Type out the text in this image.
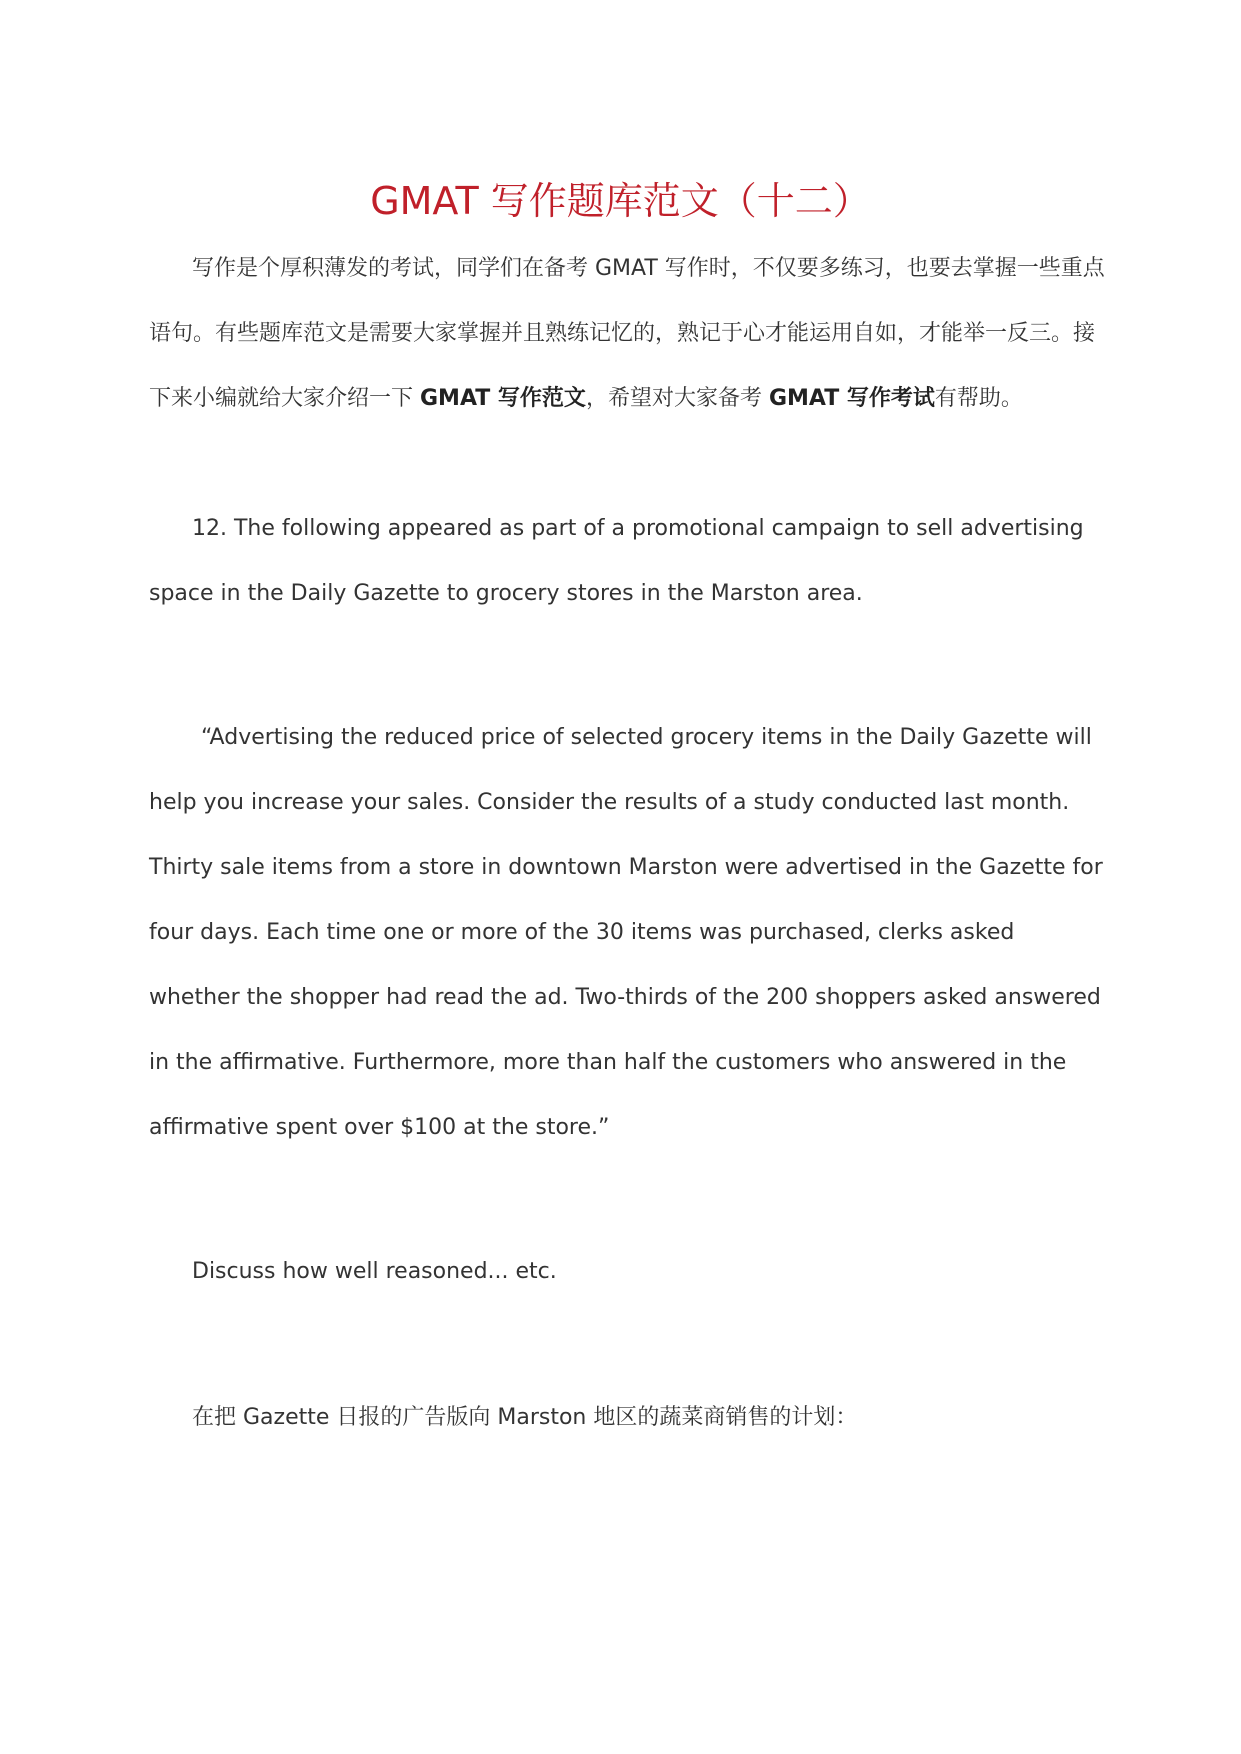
GMAT 写作题库范文（十二）

写作是个厚积薄发的考试，同学们在备考 GMAT 写作时，不仅要多练习，也要去掌握一些重点语句。有些题库范文是需要大家掌握并且熟练记忆的，熟记于心才能运用自如，才能举一反三。接下来小编就给大家介绍一下 GMAT 写作范文，希望对大家备考 GMAT 写作考试有帮助。

12. The following appeared as part of a promotional campaign to sell advertising space in the Daily Gazette to grocery stores in the Marston area.

“Advertising the reduced price of selected grocery items in the Daily Gazette will help you increase your sales. Consider the results of a study conducted last month. Thirty sale items from a store in downtown Marston were advertised in the Gazette for four days. Each time one or more of the 30 items was purchased, clerks asked whether the shopper had read the ad. Two-thirds of the 200 shoppers asked answered in the affirmative. Furthermore, more than half the customers who answered in the affirmative spent over $100 at the store.”

Discuss how well reasoned... etc.

在把 Gazette 日报的广告版向 Marston 地区的蔬菜商销售的计划：
